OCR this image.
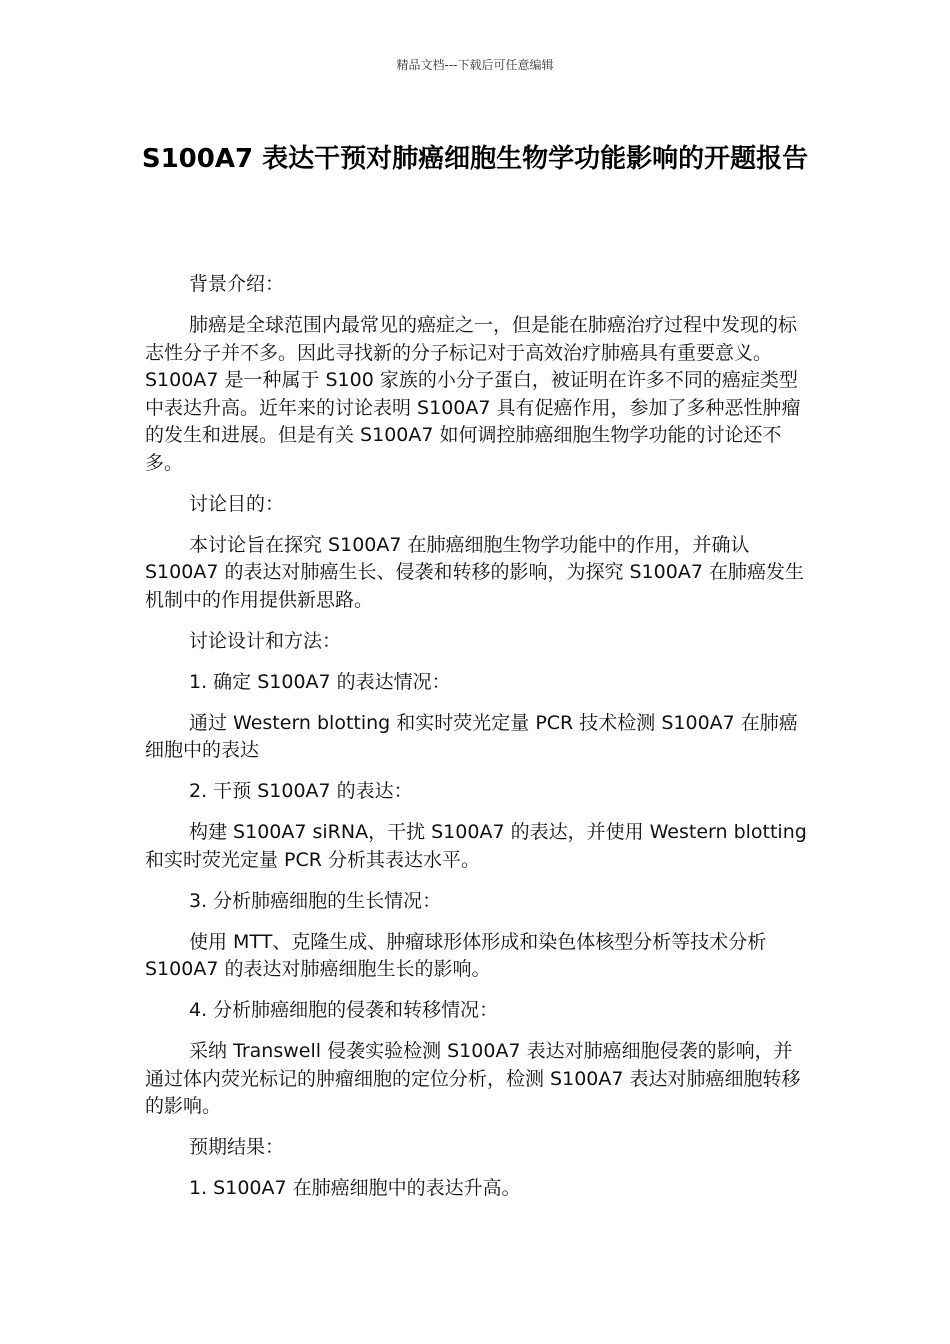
精品文档---下载后可任意编辑
S100A7 表达干预对肺癌细胞生物学功能影响的开题报告

背景介绍：

肺癌是全球范围内最常见的癌症之一，但是能在肺癌治疗过程中发现的标志性分子并不多。因此寻找新的分子标记对于高效治疗肺癌具有重要意义。S100A7 是一种属于 S100 家族的小分子蛋白，被证明在许多不同的癌症类型中表达升高。近年来的讨论表明 S100A7 具有促癌作用，参加了多种恶性肿瘤的发生和进展。但是有关 S100A7 如何调控肺癌细胞生物学功能的讨论还不多。

讨论目的：

本讨论旨在探究 S100A7 在肺癌细胞生物学功能中的作用，并确认 S100A7 的表达对肺癌生长、侵袭和转移的影响，为探究 S100A7 在肺癌发生机制中的作用提供新思路。

讨论设计和方法：

1. 确定 S100A7 的表达情况：

通过 Western blotting 和实时荧光定量 PCR 技术检测 S100A7 在肺癌细胞中的表达

2. 干预 S100A7 的表达：

构建 S100A7 siRNA，干扰 S100A7 的表达，并使用 Western blotting 和实时荧光定量 PCR 分析其表达水平。

3. 分析肺癌细胞的生长情况：

使用 MTT、克隆生成、肿瘤球形体形成和染色体核型分析等技术分析 S100A7 的表达对肺癌细胞生长的影响。

4. 分析肺癌细胞的侵袭和转移情况：

采纳 Transwell 侵袭实验检测 S100A7 表达对肺癌细胞侵袭的影响，并通过体内荧光标记的肿瘤细胞的定位分析，检测 S100A7 表达对肺癌细胞转移的影响。

预期结果：

1. S100A7 在肺癌细胞中的表达升高。
